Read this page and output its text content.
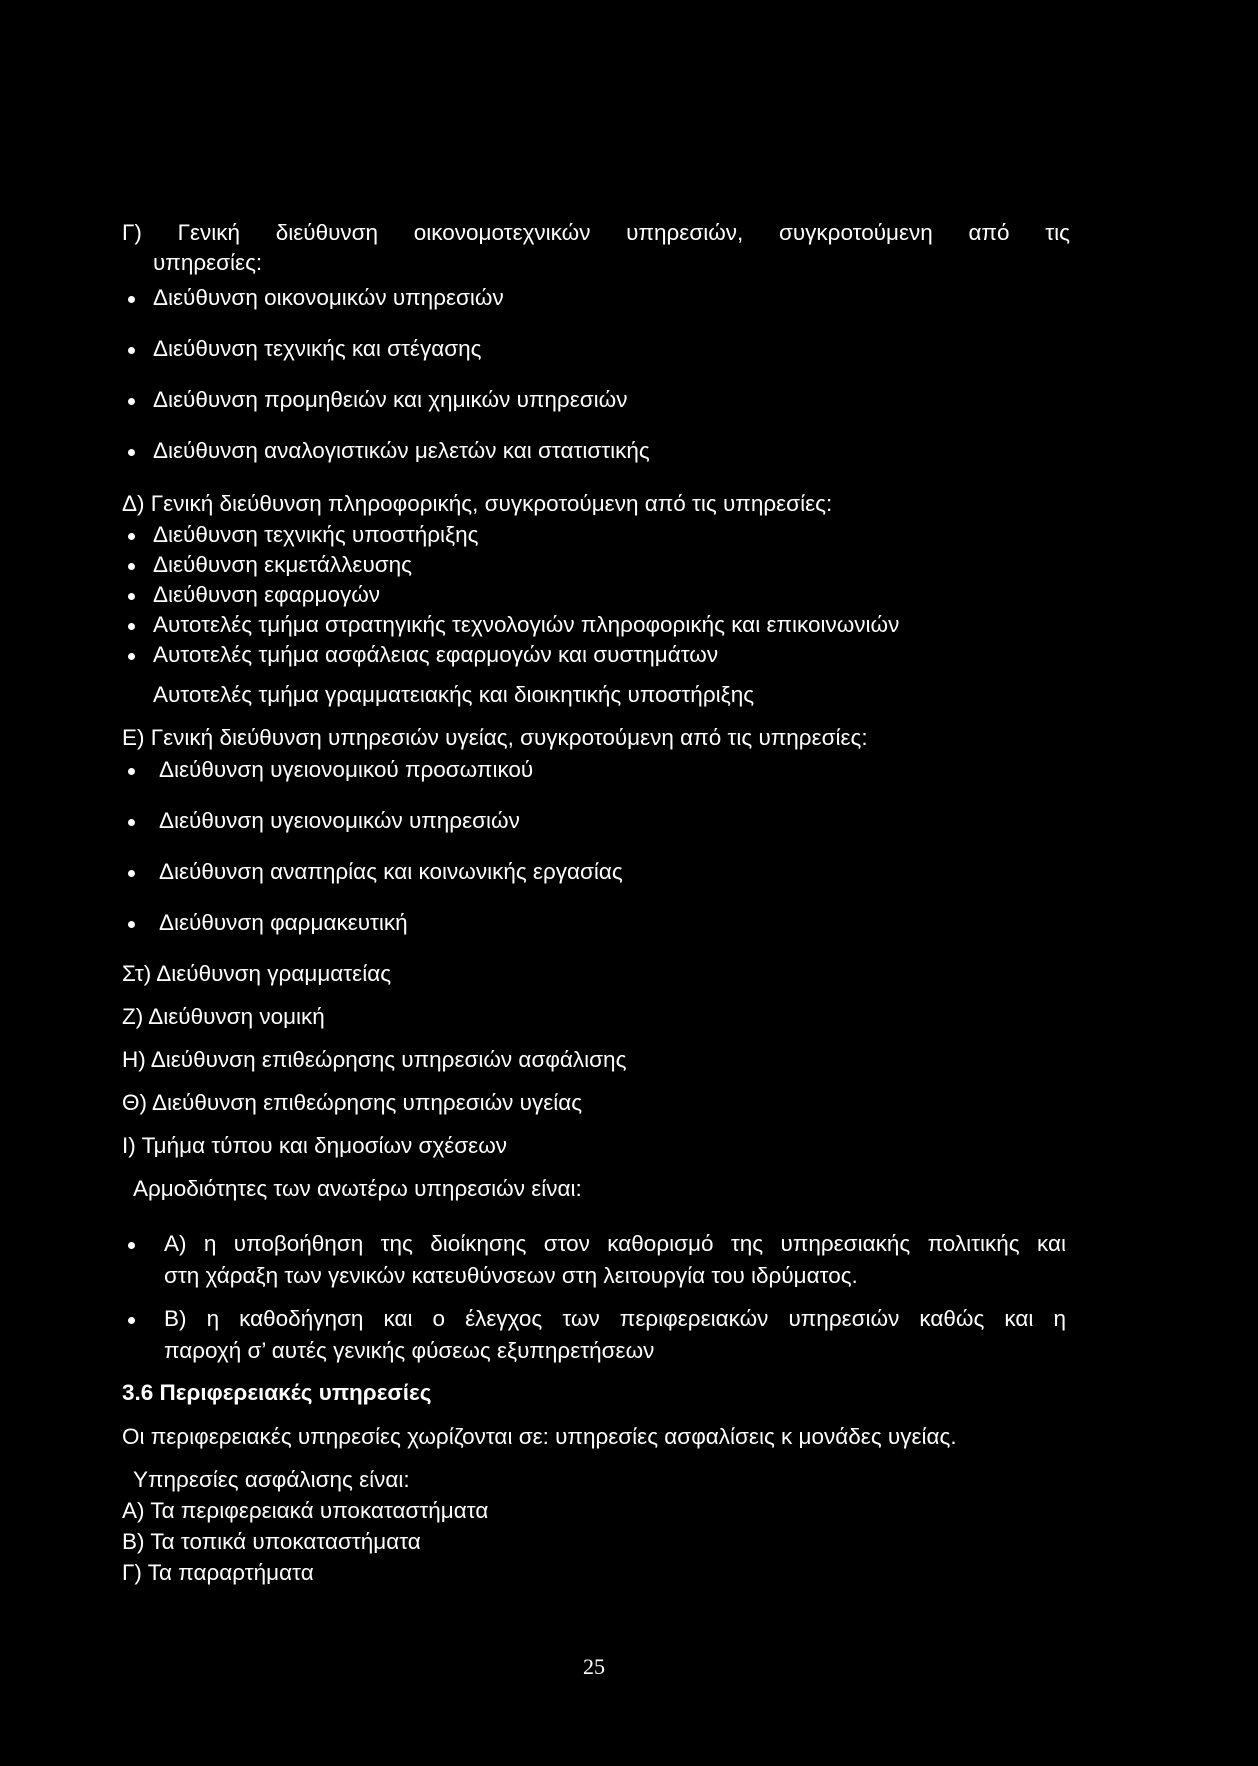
Γ) Γενική διεύθυνση οικονομοτεχνικών υπηρεσιών, συγκροτούμενη από τις
υπηρεσίες:
Διεύθυνση οικονομικών υπηρεσιών
Διεύθυνση τεχνικής και στέγασης
Διεύθυνση προμηθειών και χημικών υπηρεσιών
Διεύθυνση αναλογιστικών μελετών και στατιστικής
Δ) Γενική διεύθυνση πληροφορικής, συγκροτούμενη από τις υπηρεσίες:
Διεύθυνση τεχνικής υποστήριξης
Διεύθυνση εκμετάλλευσης
Διεύθυνση εφαρμογών
Αυτοτελές τμήμα στρατηγικής τεχνολογιών πληροφορικής και επικοινωνιών
Αυτοτελές τμήμα ασφάλειας εφαρμογών και συστημάτων
Αυτοτελές τμήμα γραμματειακής και διοικητικής υποστήριξης
Ε) Γενική διεύθυνση υπηρεσιών υγείας, συγκροτούμενη από τις υπηρεσίες:
Διεύθυνση υγειονομικού προσωπικού
Διεύθυνση υγειονομικών υπηρεσιών
Διεύθυνση αναπηρίας και κοινωνικής εργασίας
Διεύθυνση φαρμακευτική
Στ) Διεύθυνση γραμματείας
Ζ) Διεύθυνση νομική
Η) Διεύθυνση επιθεώρησης υπηρεσιών ασφάλισης
Θ) Διεύθυνση επιθεώρησης υπηρεσιών υγείας
Ι) Τμήμα τύπου και δημοσίων σχέσεων
Αρμοδιότητες των ανωτέρω υπηρεσιών είναι:
Α) η υποβοήθηση της διοίκησης στον καθορισμό της υπηρεσιακής πολιτικής και
στη χάραξη των γενικών κατευθύνσεων στη λειτουργία του ιδρύματος.
Β) η καθοδήγηση και ο έλεγχος των περιφερειακών υπηρεσιών καθώς και η
παροχή σ’ αυτές γενικής φύσεως εξυπηρετήσεων
3.6 Περιφερειακές υπηρεσίες
Οι περιφερειακές υπηρεσίες χωρίζονται σε: υπηρεσίες ασφαλίσεις κ μονάδες υγείας.
Υπηρεσίες ασφάλισης είναι:
Α) Τα περιφερειακά υποκαταστήματα
Β) Τα τοπικά υποκαταστήματα
Γ) Τα παραρτήματα
25
